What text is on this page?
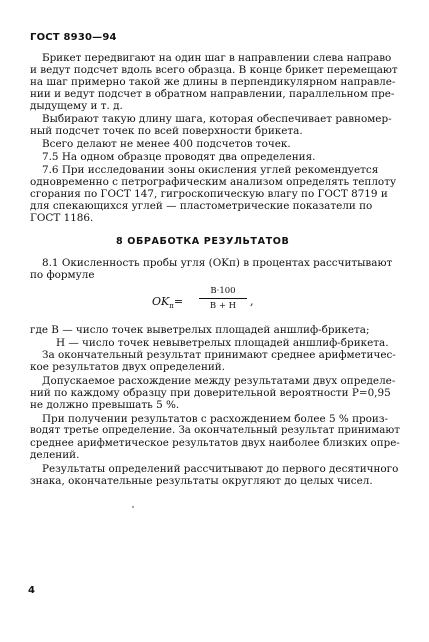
ГОСТ 8930—94
Брикет передвигают на один шаг в направлении слева направо
и ведут подсчет вдоль всего образца. В конце брикет перемещают
на шаг примерно такой же длины в перпендикулярном направле-
нии и ведут подсчет в обратном направлении, параллельном пре-
дыдущему и т. д.
Выбирают такую длину шага, которая обеспечивает равномер-
ный подсчет точек по всей поверхности брикета.
Всего делают не менее 400 подсчетов точек.
7.5 На одном образце проводят два определения.
7.6 При исследовании зоны окисления углей рекомендуется
одновременно с петрографическим анализом определять теплоту
сгорания по ГОСТ 147, гигроскопическую влагу по ГОСТ 8719 и
для спекающихся углей — пластометрические показатели по
ГОСТ 1186.
8 ОБРАБОТКА РЕЗУЛЬТАТОВ
8.1 Окисленность пробы угля (OKп) в процентах рассчитывают
по формуле
$OK_п=$
B·100
B + H	,
где B — число точек выветрелых площадей аншлиф-брикета;
H — число точек невыветрелых площадей аншлиф-брикета.
За окончательный результат принимают среднее арифметичес-
кое результатов двух определений.
Допускаемое расхождение между результатами двух определе-
ний по каждому образцу при доверительной вероятности P=0,95
не должно превышать 5 %.
При получении результатов с расхождением более 5 % произ-
водят третье определение. За окончательный результат принимают
среднее арифметическое результатов двух наиболее близких опре-
делений.
Результаты определений рассчитывают до первого десятичного
знака, окончательные результаты округляют до целых чисел.
4
